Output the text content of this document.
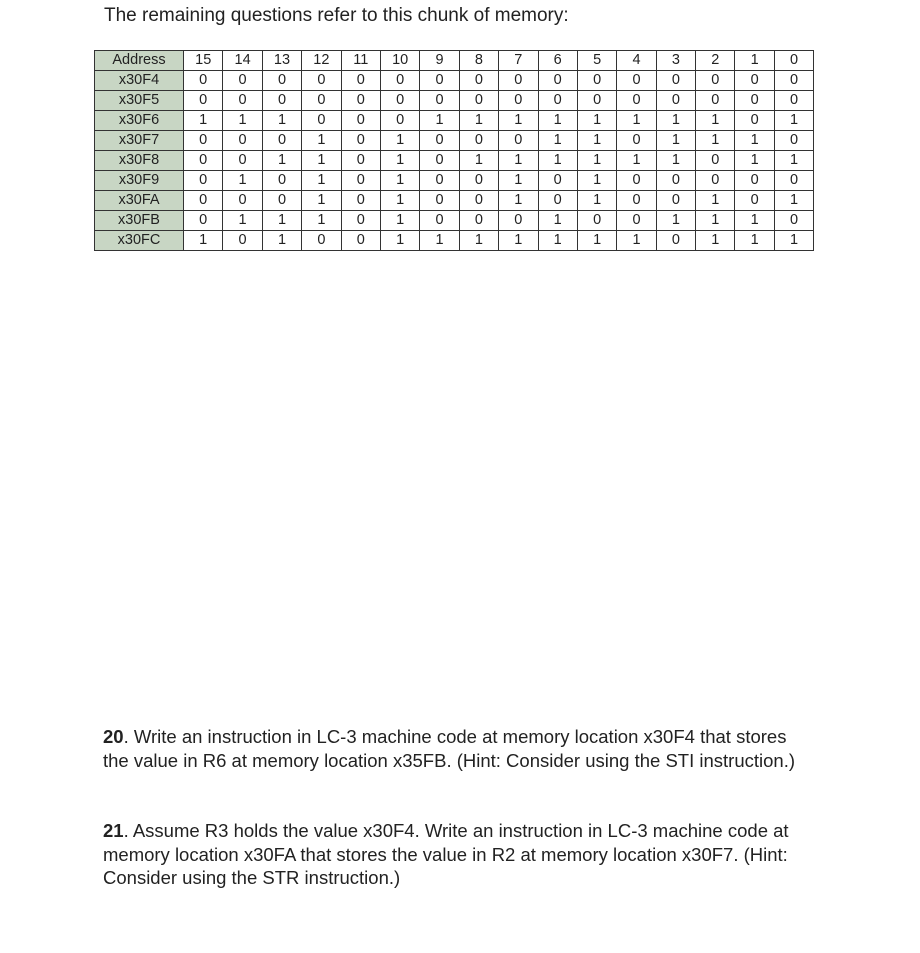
The remaining questions refer to this chunk of memory:

Address	15	14	13	12	11	10	9	8	7	6	5	4	3	2	1	0
x30F4	0	0	0	0	0	0	0	0	0	0	0	0	0	0	0	0
x30F5	0	0	0	0	0	0	0	0	0	0	0	0	0	0	0	0
x30F6	1	1	1	0	0	0	1	1	1	1	1	1	1	1	0	1
x30F7	0	0	0	1	0	1	0	0	0	1	1	0	1	1	1	0
x30F8	0	0	1	1	0	1	0	1	1	1	1	1	1	0	1	1
x30F9	0	1	0	1	0	1	0	0	1	0	1	0	0	0	0	0
x30FA	0	0	0	1	0	1	0	0	1	0	1	0	0	1	0	1
x30FB	0	1	1	1	0	1	0	0	0	1	0	0	1	1	1	0
x30FC	1	0	1	0	0	1	1	1	1	1	1	1	0	1	1	1

20. Write an instruction in LC-3 machine code at memory location x30F4 that stores the value in R6 at memory location x35FB. (Hint: Consider using the STI instruction.)

21. Assume R3 holds the value x30F4. Write an instruction in LC-3 machine code at memory location x30FA that stores the value in R2 at memory location x30F7. (Hint: Consider using the STR instruction.)
